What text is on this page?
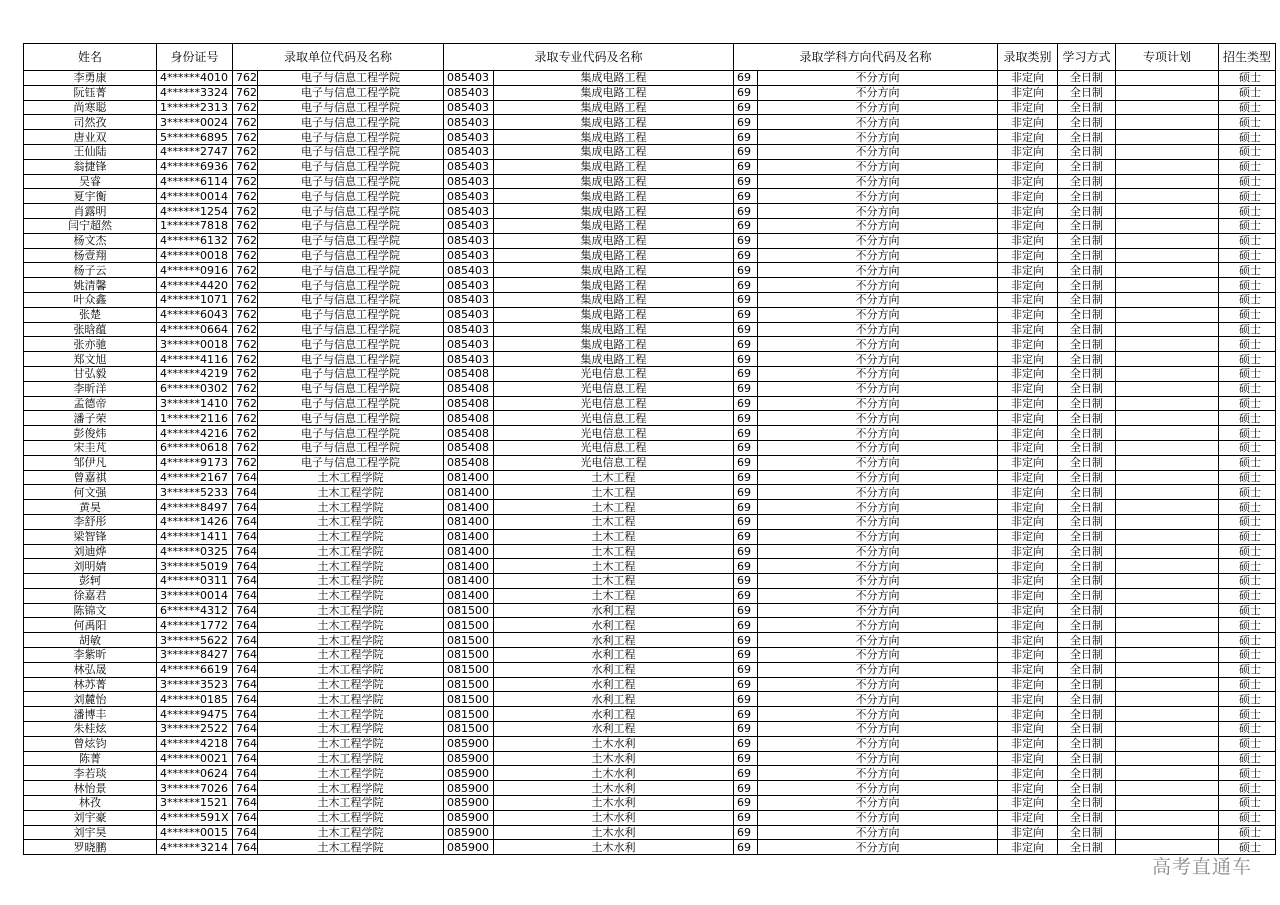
姓名	身份证号	录取单位代码及名称		录取专业代码及名称		录取学科方向代码及名称		录取类别	学习方式	专项计划	招生类型
李勇康	4******4010	762	电子与信息工程学院	085403	集成电路工程	69	不分方向	非定向	全日制		硕士
阮钰菁	4******3324	762	电子与信息工程学院	085403	集成电路工程	69	不分方向	非定向	全日制		硕士
尚寒聪	1******2313	762	电子与信息工程学院	085403	集成电路工程	69	不分方向	非定向	全日制		硕士
司然孜	3******0024	762	电子与信息工程学院	085403	集成电路工程	69	不分方向	非定向	全日制		硕士
唐业双	5******6895	762	电子与信息工程学院	085403	集成电路工程	69	不分方向	非定向	全日制		硕士
王仙陆	4******2747	762	电子与信息工程学院	085403	集成电路工程	69	不分方向	非定向	全日制		硕士
翁捷锋	4******6936	762	电子与信息工程学院	085403	集成电路工程	69	不分方向	非定向	全日制		硕士
吴睿	4******6114	762	电子与信息工程学院	085403	集成电路工程	69	不分方向	非定向	全日制		硕士
夏宇衡	4******0014	762	电子与信息工程学院	085403	集成电路工程	69	不分方向	非定向	全日制		硕士
肖露明	4******1254	762	电子与信息工程学院	085403	集成电路工程	69	不分方向	非定向	全日制		硕士
闫宁超然	1******7818	762	电子与信息工程学院	085403	集成电路工程	69	不分方向	非定向	全日制		硕士
杨文杰	4******6132	762	电子与信息工程学院	085403	集成电路工程	69	不分方向	非定向	全日制		硕士
杨壹翔	4******0018	762	电子与信息工程学院	085403	集成电路工程	69	不分方向	非定向	全日制		硕士
杨子云	4******0916	762	电子与信息工程学院	085403	集成电路工程	69	不分方向	非定向	全日制		硕士
姚清馨	4******4420	762	电子与信息工程学院	085403	集成电路工程	69	不分方向	非定向	全日制		硕士
叶众鑫	4******1071	762	电子与信息工程学院	085403	集成电路工程	69	不分方向	非定向	全日制		硕士
张楚	4******6043	762	电子与信息工程学院	085403	集成电路工程	69	不分方向	非定向	全日制		硕士
张晗蕴	4******0664	762	电子与信息工程学院	085403	集成电路工程	69	不分方向	非定向	全日制		硕士
张亦驰	3******0018	762	电子与信息工程学院	085403	集成电路工程	69	不分方向	非定向	全日制		硕士
郑文旭	4******4116	762	电子与信息工程学院	085403	集成电路工程	69	不分方向	非定向	全日制		硕士
甘弘毅	4******4219	762	电子与信息工程学院	085408	光电信息工程	69	不分方向	非定向	全日制		硕士
李昕洋	6******0302	762	电子与信息工程学院	085408	光电信息工程	69	不分方向	非定向	全日制		硕士
孟德帝	3******1410	762	电子与信息工程学院	085408	光电信息工程	69	不分方向	非定向	全日制		硕士
潘子荣	1******2116	762	电子与信息工程学院	085408	光电信息工程	69	不分方向	非定向	全日制		硕士
彭俊炜	4******4216	762	电子与信息工程学院	085408	光电信息工程	69	不分方向	非定向	全日制		硕士
宋圭芃	6******0618	762	电子与信息工程学院	085408	光电信息工程	69	不分方向	非定向	全日制		硕士
邹伊凡	4******9173	762	电子与信息工程学院	085408	光电信息工程	69	不分方向	非定向	全日制		硕士
曾嘉祺	4******2167	764	土木工程学院	081400	土木工程	69	不分方向	非定向	全日制		硕士
何文强	3******5233	764	土木工程学院	081400	土木工程	69	不分方向	非定向	全日制		硕士
黄昊	4******8497	764	土木工程学院	081400	土木工程	69	不分方向	非定向	全日制		硕士
李舒彤	4******1426	764	土木工程学院	081400	土木工程	69	不分方向	非定向	全日制		硕士
梁智锋	4******1411	764	土木工程学院	081400	土木工程	69	不分方向	非定向	全日制		硕士
刘迪烨	4******0325	764	土木工程学院	081400	土木工程	69	不分方向	非定向	全日制		硕士
刘明婧	3******5019	764	土木工程学院	081400	土木工程	69	不分方向	非定向	全日制		硕士
彭轲	4******0311	764	土木工程学院	081400	土木工程	69	不分方向	非定向	全日制		硕士
徐嘉君	3******0014	764	土木工程学院	081400	土木工程	69	不分方向	非定向	全日制		硕士
陈锦文	6******4312	764	土木工程学院	081500	水利工程	69	不分方向	非定向	全日制		硕士
何禹阳	4******1772	764	土木工程学院	081500	水利工程	69	不分方向	非定向	全日制		硕士
胡敏	3******5622	764	土木工程学院	081500	水利工程	69	不分方向	非定向	全日制		硕士
李紫昕	3******8427	764	土木工程学院	081500	水利工程	69	不分方向	非定向	全日制		硕士
林弘晟	4******6619	764	土木工程学院	081500	水利工程	69	不分方向	非定向	全日制		硕士
林苏菁	3******3523	764	土木工程学院	081500	水利工程	69	不分方向	非定向	全日制		硕士
刘麓怡	4******0185	764	土木工程学院	081500	水利工程	69	不分方向	非定向	全日制		硕士
潘博丰	4******9475	764	土木工程学院	081500	水利工程	69	不分方向	非定向	全日制		硕士
朱桂炫	3******2522	764	土木工程学院	081500	水利工程	69	不分方向	非定向	全日制		硕士
曾炫钧	4******4218	764	土木工程学院	085900	土木水利	69	不分方向	非定向	全日制		硕士
陈菁	4******0021	764	土木工程学院	085900	土木水利	69	不分方向	非定向	全日制		硕士
李若琰	4******0624	764	土木工程学院	085900	土木水利	69	不分方向	非定向	全日制		硕士
林怡景	3******7026	764	土木工程学院	085900	土木水利	69	不分方向	非定向	全日制		硕士
林孜	3******1521	764	土木工程学院	085900	土木水利	69	不分方向	非定向	全日制		硕士
刘宇豪	4******591X	764	土木工程学院	085900	土木水利	69	不分方向	非定向	全日制		硕士
刘宇昊	4******0015	764	土木工程学院	085900	土木水利	69	不分方向	非定向	全日制		硕士
罗晓鹏	4******3214	764	土木工程学院	085900	土木水利	69	不分方向	非定向	全日制		硕士
高考直通车
